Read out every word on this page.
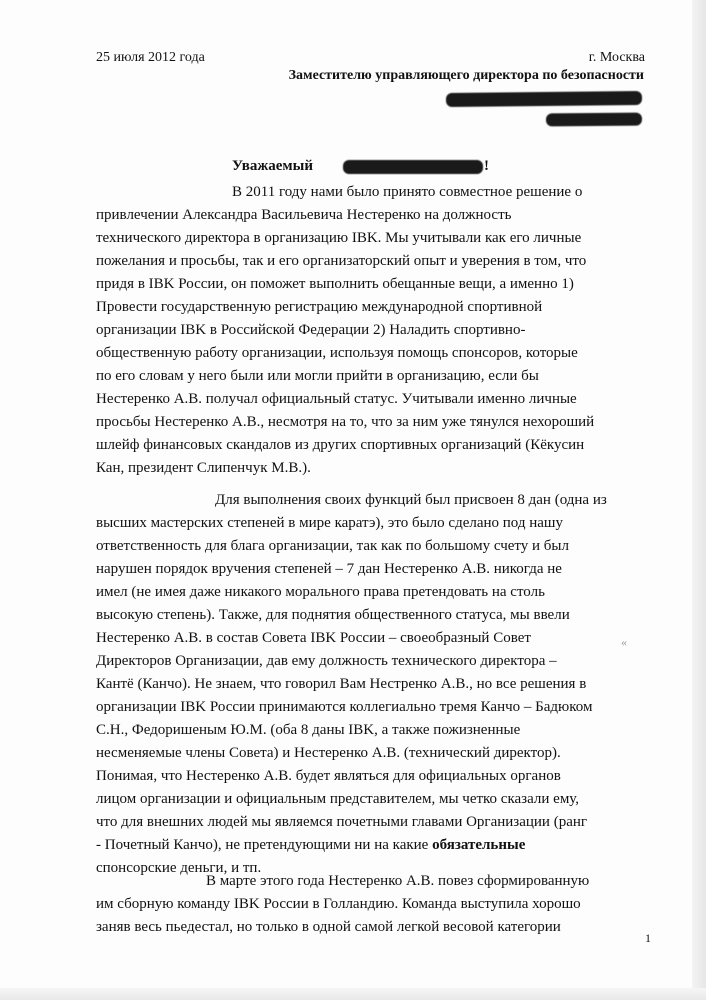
25 июля 2012 года	г. Москва
Заместителю управляющего директора по безопасности
Уважаемый	!
В 2011 году нами было принято совместное решение о
привлечении Александра Васильевича Нестеренко на должность
технического директора в организацию IBK. Мы учитывали как его личные
пожелания и просьбы, так и его организаторский опыт и уверения в том, что
придя в IBK России, он поможет выполнить обещанные вещи, а именно 1)
Провести государственную регистрацию международной спортивной
организации IBK в Российской Федерации 2) Наладить спортивно-
общественную работу организации, используя помощь спонсоров, которые
по его словам у него были или могли прийти в организацию, если бы
Нестеренко А.В. получал официальный статус. Учитывали именно личные
просьбы Нестеренко А.В., несмотря на то, что за ним уже тянулся нехороший
шлейф финансовых скандалов из других спортивных организаций (Кёкусин
Кан, президент Слипенчук М.В.).
Для выполнения своих функций был присвоен 8 дан (одна из
высших мастерских степеней в мире каратэ), это было сделано под нашу
ответственность для блага организации, так как по большому счету и был
нарушен порядок вручения степеней – 7 дан Нестеренко А.В. никогда не
имел (не имея даже никакого морального права претендовать на столь
высокую степень). Также, для поднятия общественного статуса, мы ввели
Нестеренко А.В. в состав Совета IBK России – своеобразный Совет
Директоров Организации, дав ему должность технического директора –
Кантё (Канчо). Не знаем, что говорил Вам Нестренко А.В., но все решения в
организации IBK России принимаются коллегиально тремя Канчо – Бадюком
С.Н., Федоришеным Ю.М. (оба 8 даны IBK, а также пожизненные
несменяемые члены Совета) и Нестеренко А.В. (технический директор).
Понимая, что Нестеренко А.В. будет являться для официальных органов
лицом организации и официальным представителем, мы четко сказали ему,
что для внешних людей мы являемся почетными главами Организации (ранг
- Почетный Канчо), не претендующими ни на какие обязательные
спонсорские деньги, и тп.
«
В марте этого года Нестеренко А.В. повез сформированную
им сборную команду IBK России в Голландию. Команда выступила хорошо
заняв весь пьедестал, но только в одной самой легкой весовой категории
1
